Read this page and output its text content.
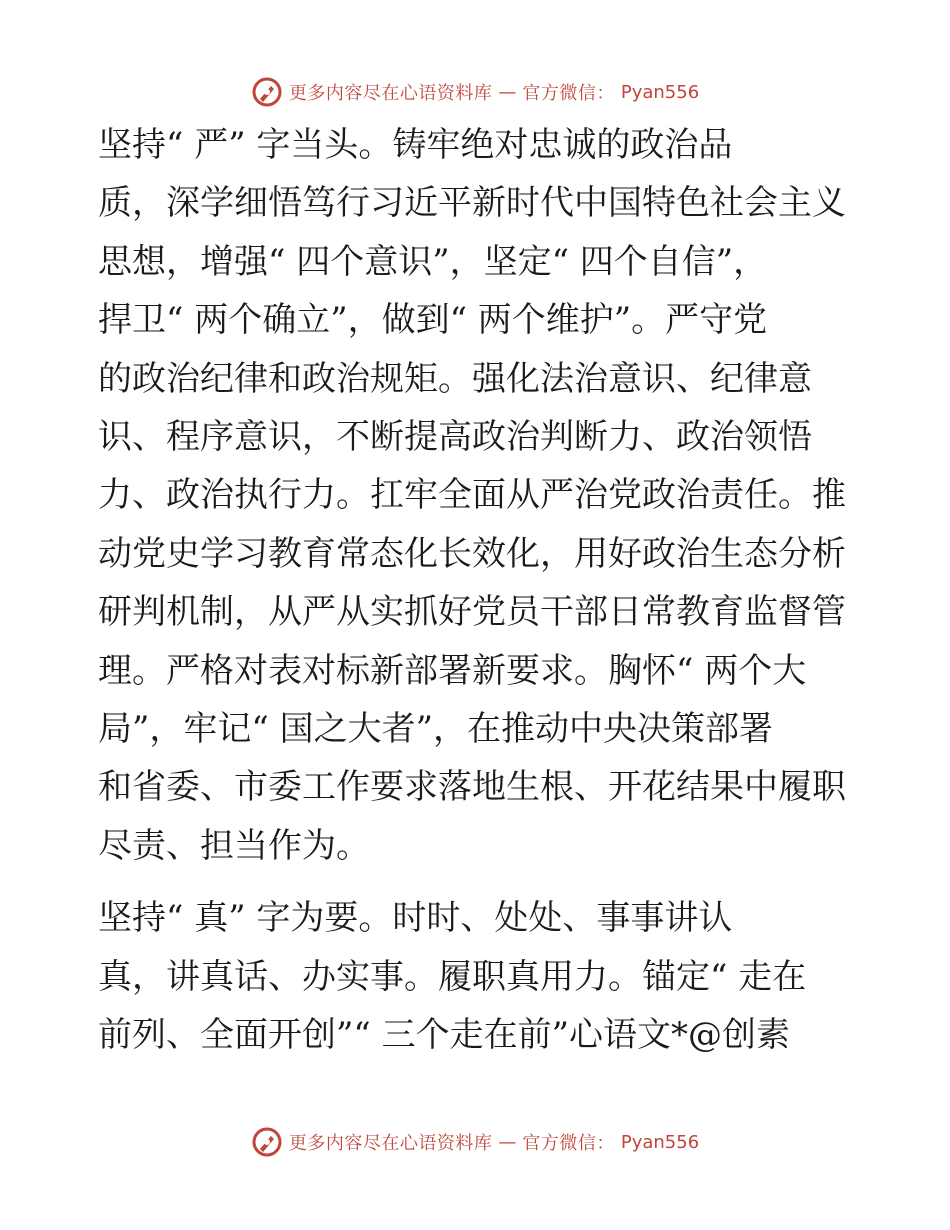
更多内容尽在心语资料库 — 官方微信： Pyan556

坚持“ 严” 字当头。铸牢绝对忠诚的政治品
质，深学细悟笃行习近平新时代中国特色社会主义
思想，增强“ 四个意识”，坚定“ 四个自信”，
捍卫“ 两个确立”，做到“ 两个维护”。严守党
的政治纪律和政治规矩。强化法治意识、纪律意
识、程序意识，不断提高政治判断力、政治领悟
力、政治执行力。扛牢全面从严治党政治责任。推
动党史学习教育常态化长效化，用好政治生态分析
研判机制，从严从实抓好党员干部日常教育监督管
理。严格对表对标新部署新要求。胸怀“ 两个大
局”，牢记“ 国之大者”，在推动中央决策部署
和省委、市委工作要求落地生根、开花结果中履职
尽责、担当作为。

坚持“ 真” 字为要。时时、处处、事事讲认
真，讲真话、办实事。履职真用力。锚定“ 走在
前列、全面开创”“ 三个走在前”心语文*@创素

更多内容尽在心语资料库 — 官方微信： Pyan556
